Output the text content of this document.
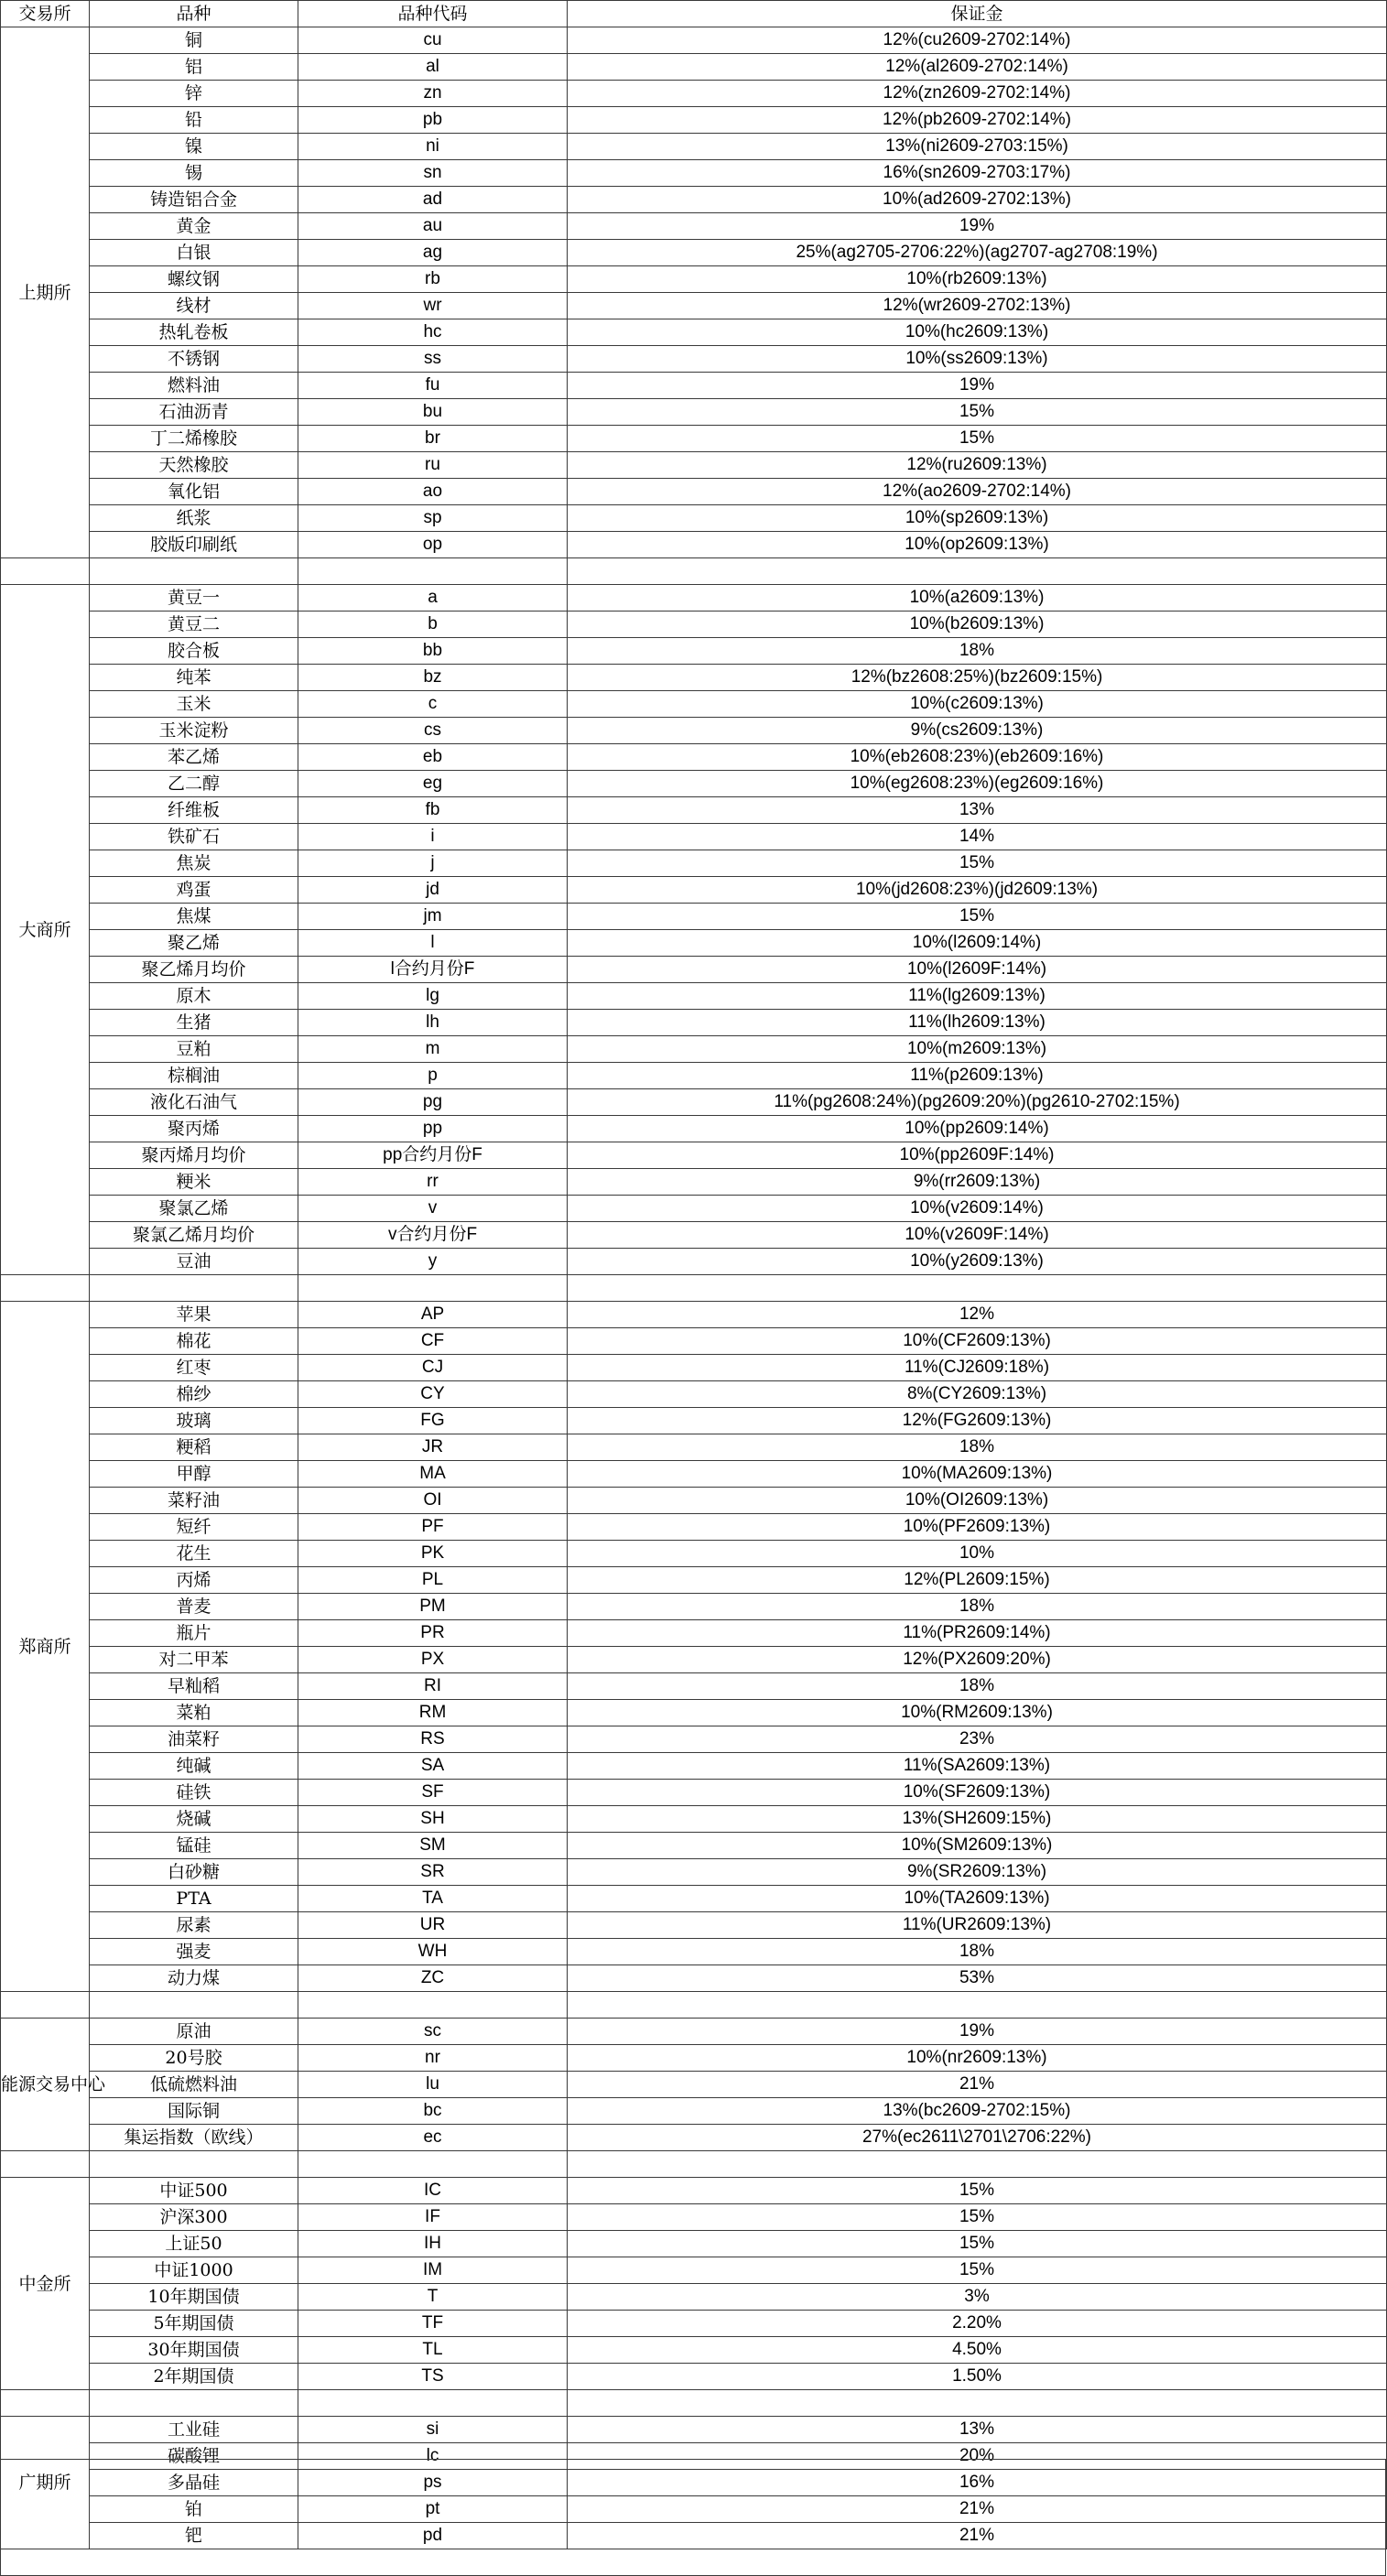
交易所	品种	品种代码	保证金
上期所	铜	cu	12%(cu2609-2702:14%)
	铝	al	12%(al2609-2702:14%)
	锌	zn	12%(zn2609-2702:14%)
	铅	pb	12%(pb2609-2702:14%)
	镍	ni	13%(ni2609-2703:15%)
	锡	sn	16%(sn2609-2703:17%)
	铸造铝合金	ad	10%(ad2609-2702:13%)
	黄金	au	19%
	白银	ag	25%(ag2705-2706:22%)(ag2707-ag2708:19%)
	螺纹钢	rb	10%(rb2609:13%)
	线材	wr	12%(wr2609-2702:13%)
	热轧卷板	hc	10%(hc2609:13%)
	不锈钢	ss	10%(ss2609:13%)
	燃料油	fu	19%
	石油沥青	bu	15%
	丁二烯橡胶	br	15%
	天然橡胶	ru	12%(ru2609:13%)
	氧化铝	ao	12%(ao2609-2702:14%)
	纸浆	sp	10%(sp2609:13%)
	胶版印刷纸	op	10%(op2609:13%)

大商所	黄豆一	a	10%(a2609:13%)
	黄豆二	b	10%(b2609:13%)
	胶合板	bb	18%
	纯苯	bz	12%(bz2608:25%)(bz2609:15%)
	玉米	c	10%(c2609:13%)
	玉米淀粉	cs	9%(cs2609:13%)
	苯乙烯	eb	10%(eb2608:23%)(eb2609:16%)
	乙二醇	eg	10%(eg2608:23%)(eg2609:16%)
	纤维板	fb	13%
	铁矿石	i	14%
	焦炭	j	15%
	鸡蛋	jd	10%(jd2608:23%)(jd2609:13%)
	焦煤	jm	15%
	聚乙烯	l	10%(l2609:14%)
	聚乙烯月均价	l合约月份F	10%(l2609F:14%)
	原木	lg	11%(lg2609:13%)
	生猪	lh	11%(lh2609:13%)
	豆粕	m	10%(m2609:13%)
	棕榈油	p	11%(p2609:13%)
	液化石油气	pg	11%(pg2608:24%)(pg2609:20%)(pg2610-2702:15%)
	聚丙烯	pp	10%(pp2609:14%)
	聚丙烯月均价	pp合约月份F	10%(pp2609F:14%)
	粳米	rr	9%(rr2609:13%)
	聚氯乙烯	v	10%(v2609:14%)
	聚氯乙烯月均价	v合约月份F	10%(v2609F:14%)
	豆油	y	10%(y2609:13%)

郑商所	苹果	AP	12%
	棉花	CF	10%(CF2609:13%)
	红枣	CJ	11%(CJ2609:18%)
	棉纱	CY	8%(CY2609:13%)
	玻璃	FG	12%(FG2609:13%)
	粳稻	JR	18%
	甲醇	MA	10%(MA2609:13%)
	菜籽油	OI	10%(OI2609:13%)
	短纤	PF	10%(PF2609:13%)
	花生	PK	10%
	丙烯	PL	12%(PL2609:15%)
	普麦	PM	18%
	瓶片	PR	11%(PR2609:14%)
	对二甲苯	PX	12%(PX2609:20%)
	早籼稻	RI	18%
	菜粕	RM	10%(RM2609:13%)
	油菜籽	RS	23%
	纯碱	SA	11%(SA2609:13%)
	硅铁	SF	10%(SF2609:13%)
	烧碱	SH	13%(SH2609:15%)
	锰硅	SM	10%(SM2609:13%)
	白砂糖	SR	9%(SR2609:13%)
	PTA	TA	10%(TA2609:13%)
	尿素	UR	11%(UR2609:13%)
	强麦	WH	18%
	动力煤	ZC	53%

能源交易中心	原油	sc	19%
	20号胶	nr	10%(nr2609:13%)
	低硫燃料油	lu	21%
	国际铜	bc	13%(bc2609-2702:15%)
	集运指数（欧线）	ec	27%(ec2611\2701\2706:22%)

中金所	中证500	IC	15%
	沪深300	IF	15%
	上证50	IH	15%
	中证1000	IM	15%
	10年期国债	T	3%
	5年期国债	TF	2.20%
	30年期国债	TL	4.50%
	2年期国债	TS	1.50%

广期所	工业硅	si	13%
	碳酸锂	lc	20%
	多晶硅	ps	16%
	铂	pt	21%
	钯	pd	21%
